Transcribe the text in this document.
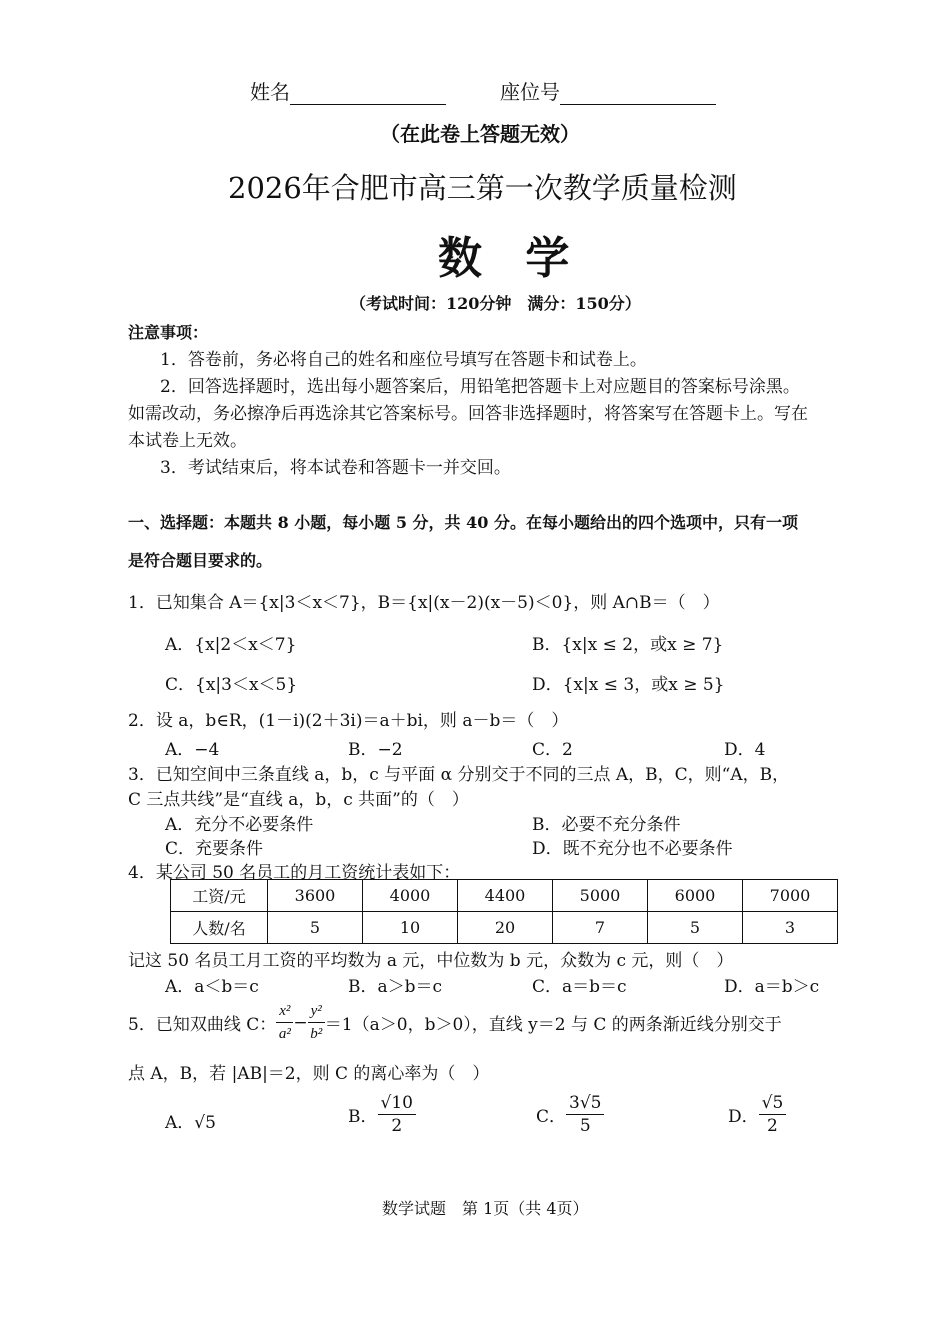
姓名	座位号
（在此卷上答题无效）
2026年合肥市高三第一次教学质量检测
数 学
（考试时间：120分钟　满分：150分）
注意事项：
1．答卷前，务必将自己的姓名和座位号填写在答题卡和试卷上。
2．回答选择题时，选出每小题答案后，用铅笔把答题卡上对应题目的答案标号涂黑。
如需改动，务必擦净后再选涂其它答案标号。回答非选择题时，将答案写在答题卡上。写在
本试卷上无效。
3．考试结束后，将本试卷和答题卡一并交回。
一、选择题：本题共 8 小题，每小题 5 分，共 40 分。在每小题给出的四个选项中，只有一项
是符合题目要求的。
1．已知集合 A＝{x|3＜x＜7}，B＝{x|(x－2)(x－5)＜0}，则 A∩B＝（　）
A．{x|2＜x＜7}	B．{x|x ≤ 2，或x ≥ 7}
C．{x|3＜x＜5}	D．{x|x ≤ 3，或x ≥ 5}
2．设 a，b∈R，(1－i)(2＋3i)＝a＋bi，则 a－b＝（　）
A．−4	B．−2	C．2	D．4
3．已知空间中三条直线 a，b，c 与平面 α 分别交于不同的三点 A，B，C，则“A，B，
C 三点共线”是“直线 a，b，c 共面”的（　）
A．充分不必要条件	B．必要不充分条件
C．充要条件	D．既不充分也不必要条件
4．某公司 50 名员工的月工资统计表如下：
工资/元	3600	4000	4400	5000	6000	7000
人数/名	5	10	20	7	5	3
记这 50 名员工月工资的平均数为 a 元，中位数为 b 元，众数为 c 元，则（　）
A．a＜b＝c	B．a＞b＝c	C．a＝b＝c	D．a＝b＞c
5．已知双曲线 C： $\frac{\text{x²}}{\text{a²}} - \frac{\text{y²}}{\text{b²}} =1(a>0$，b＞0），直线 y＝2 与 C 的两条渐近线分别交于
点 A，B，若 |AB|＝2，则 C 的离心率为（　）
A．√5	B． $\frac{√10}{2}$	C． $\frac{3√5}{5}$	D． $\frac{√5}{2}$
数学试题　第 1页（共 4页）
